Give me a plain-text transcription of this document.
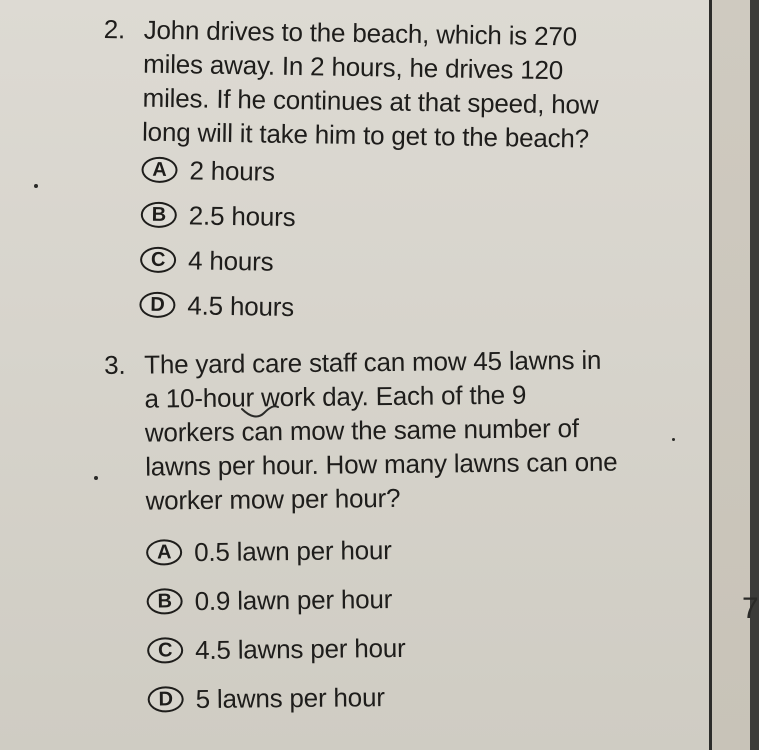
2. John drives to the beach, which is 270
miles away. In 2 hours, he drives 120
miles. If he continues at that speed, how
long will it take him to get to the beach?
A 2 hours
B 2.5 hours
C 4 hours
D 4.5 hours
3. The yard care staff can mow 45 lawns in
a 10-hour work day. Each of the 9
workers can mow the same number of
lawns per hour. How many lawns can one
worker mow per hour?
A 0.5 lawn per hour
B 0.9 lawn per hour
C 4.5 lawns per hour
D 5 lawns per hour
7
